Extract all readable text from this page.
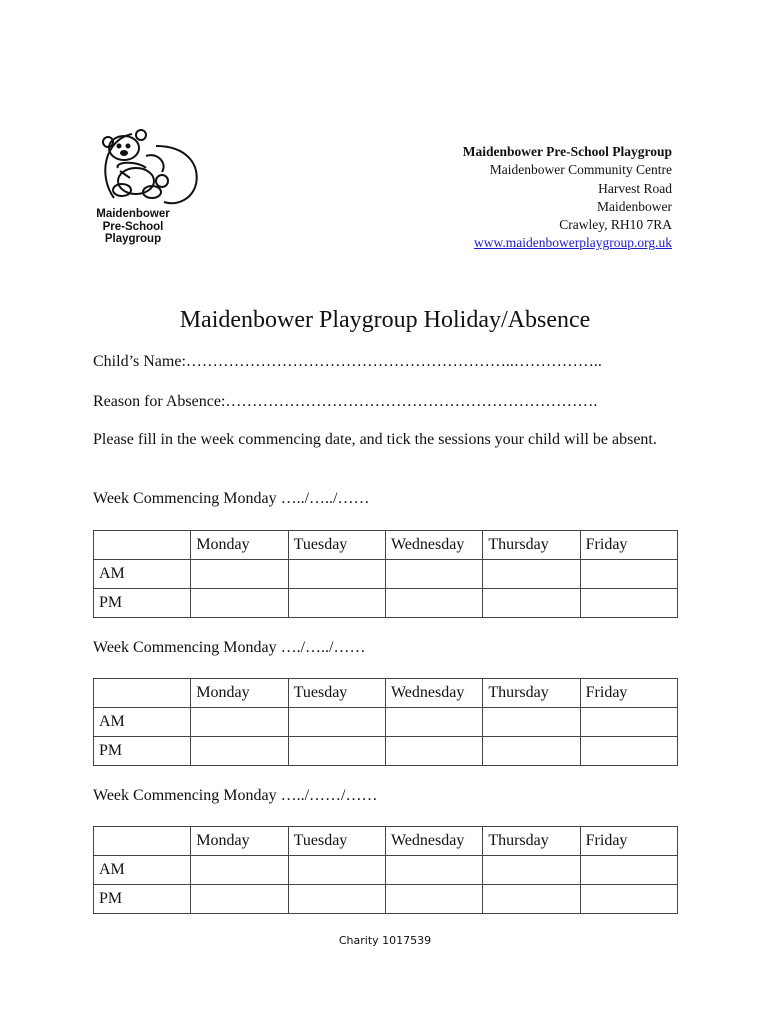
Maidenbower
Pre-School
Playgroup
Maidenbower Pre-School Playgroup
Maidenbower Community Centre
Harvest Road
Maidenbower
Crawley, RH10 7RA
www.maidenbowerplaygroup.org.uk
Maidenbower Playgroup Holiday/Absence
Child’s Name:……………………………………………………..……………..
Reason for Absence:…………………………………………………………….
Please fill in the week commencing date, and tick the sessions your child will be absent.
Week Commencing Monday …../…../……
	Monday	Tuesday	Wednesday	Thursday	Friday
AM					
PM					
Week Commencing Monday …./…../……
	Monday	Tuesday	Wednesday	Thursday	Friday
AM					
PM					
Week Commencing Monday …../……/……
	Monday	Tuesday	Wednesday	Thursday	Friday
AM					
PM					
Charity 1017539
